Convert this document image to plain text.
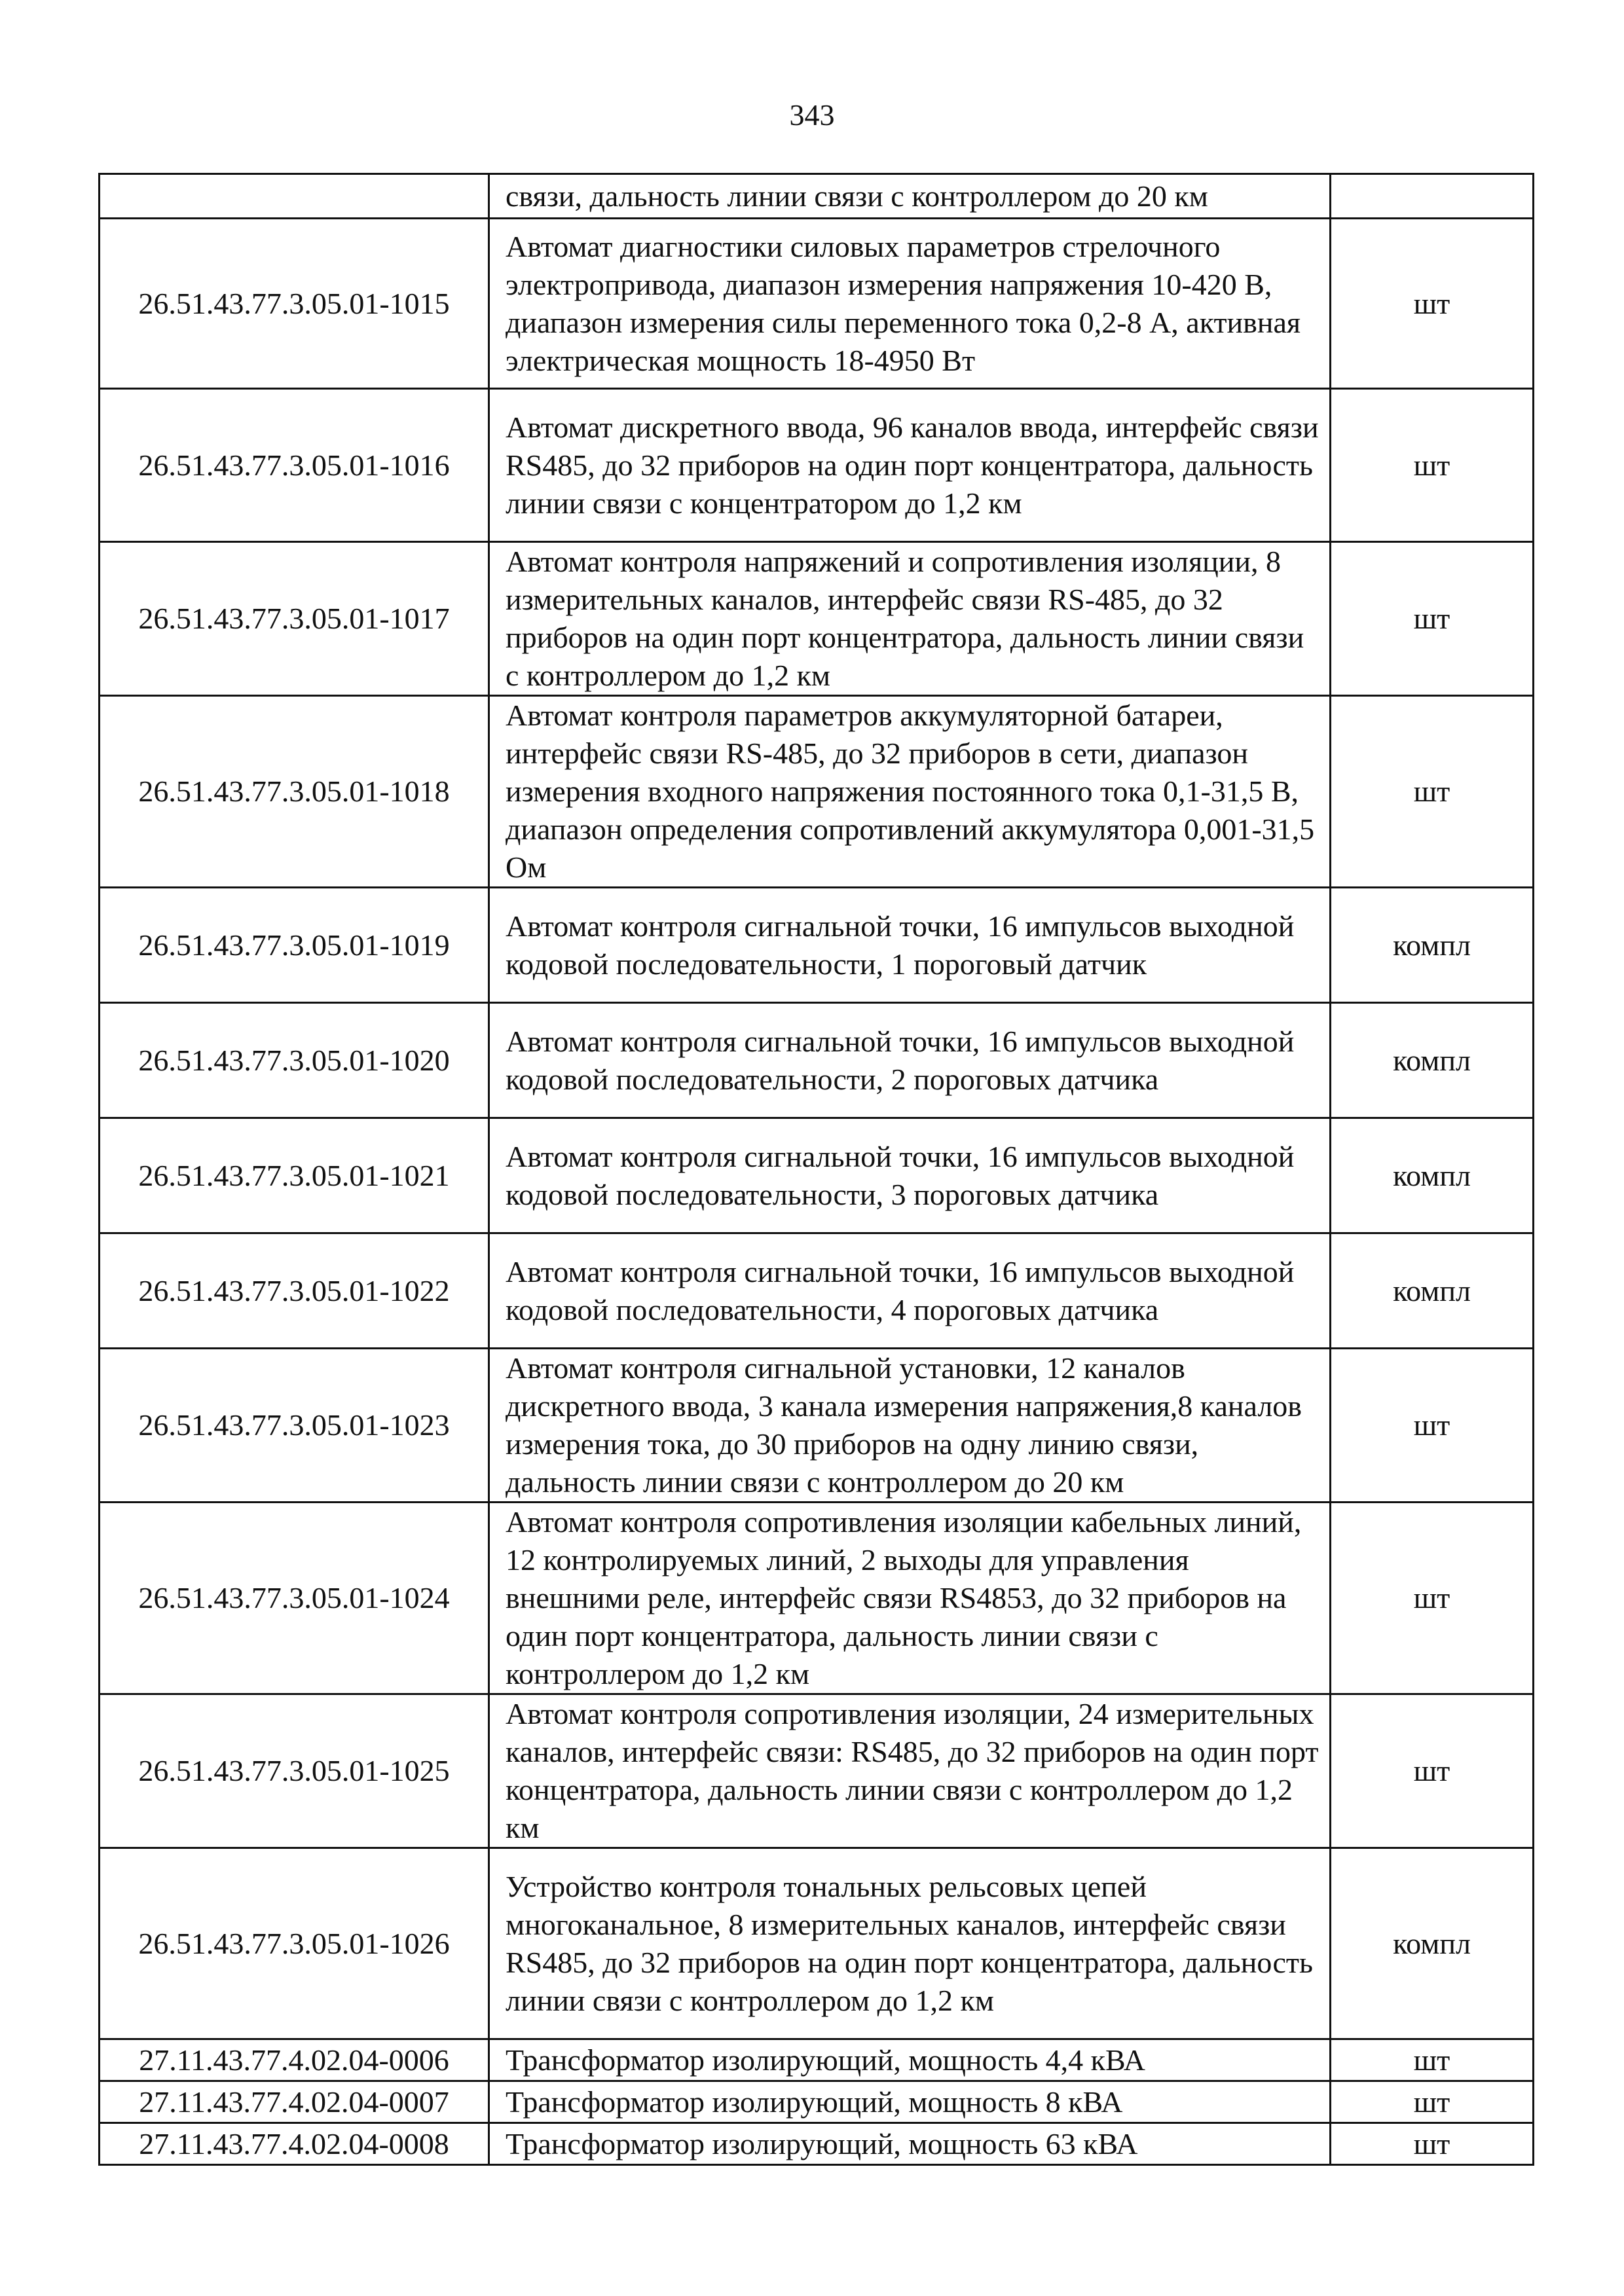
343
	связи, дальность линии связи с контроллером до 20 км	
26.51.43.77.3.05.01-1015	Автомат диагностики силовых параметров стрелочного электропривода, диапазон измерения напряжения 10-420 В, диапазон измерения силы переменного тока 0,2-8 А, активная электрическая мощность 18-4950 Вт	шт
26.51.43.77.3.05.01-1016	Автомат дискретного ввода, 96 каналов ввода, интерфейс связи RS485, до 32 приборов на один порт концентратора, дальность линии связи с концентратором до 1,2 км	шт
26.51.43.77.3.05.01-1017	Автомат контроля напряжений и сопротивления изоляции, 8 измерительных каналов, интерфейс связи RS-485, до 32 приборов на один порт концентратора, дальность линии связи с контроллером до 1,2 км	шт
26.51.43.77.3.05.01-1018	Автомат контроля параметров аккумуляторной батареи, интерфейс связи RS-485, до 32 приборов в сети, диапазон измерения входного напряжения постоянного тока 0,1-31,5 В, диапазон определения сопротивлений аккумулятора 0,001-31,5 Ом	шт
26.51.43.77.3.05.01-1019	Автомат контроля сигнальной точки, 16 импульсов выходной кодовой последовательности, 1 пороговый датчик	компл
26.51.43.77.3.05.01-1020	Автомат контроля сигнальной точки, 16 импульсов выходной кодовой последовательности, 2 пороговых датчика	компл
26.51.43.77.3.05.01-1021	Автомат контроля сигнальной точки, 16 импульсов выходной кодовой последовательности, 3 пороговых датчика	компл
26.51.43.77.3.05.01-1022	Автомат контроля сигнальной точки, 16 импульсов выходной кодовой последовательности, 4 пороговых датчика	компл
26.51.43.77.3.05.01-1023	Автомат контроля сигнальной установки, 12 каналов дискретного ввода, 3 канала измерения напряжения,8 каналов измерения тока, до 30 приборов на одну линию связи, дальность линии связи с контроллером до 20 км	шт
26.51.43.77.3.05.01-1024	Автомат контроля сопротивления изоляции кабельных линий, 12 контролируемых линий, 2 выходы для управления внешними реле, интерфейс связи RS4853, до 32 приборов на один порт концентратора, дальность линии связи с контроллером до 1,2 км	шт
26.51.43.77.3.05.01-1025	Автомат контроля сопротивления изоляции, 24 измерительных каналов, интерфейс связи: RS485, до 32 приборов на один порт концентратора, дальность линии связи с контроллером до 1,2 км	шт
26.51.43.77.3.05.01-1026	Устройство контроля тональных рельсовых цепей многоканальное, 8 измерительных каналов, интерфейс связи RS485, до 32 приборов на один порт концентратора, дальность линии связи с контроллером до 1,2 км	компл
27.11.43.77.4.02.04-0006	Трансформатор изолирующий, мощность 4,4 кВА	шт
27.11.43.77.4.02.04-0007	Трансформатор изолирующий, мощность 8 кВА	шт
27.11.43.77.4.02.04-0008	Трансформатор изолирующий, мощность 63 кВА	шт
